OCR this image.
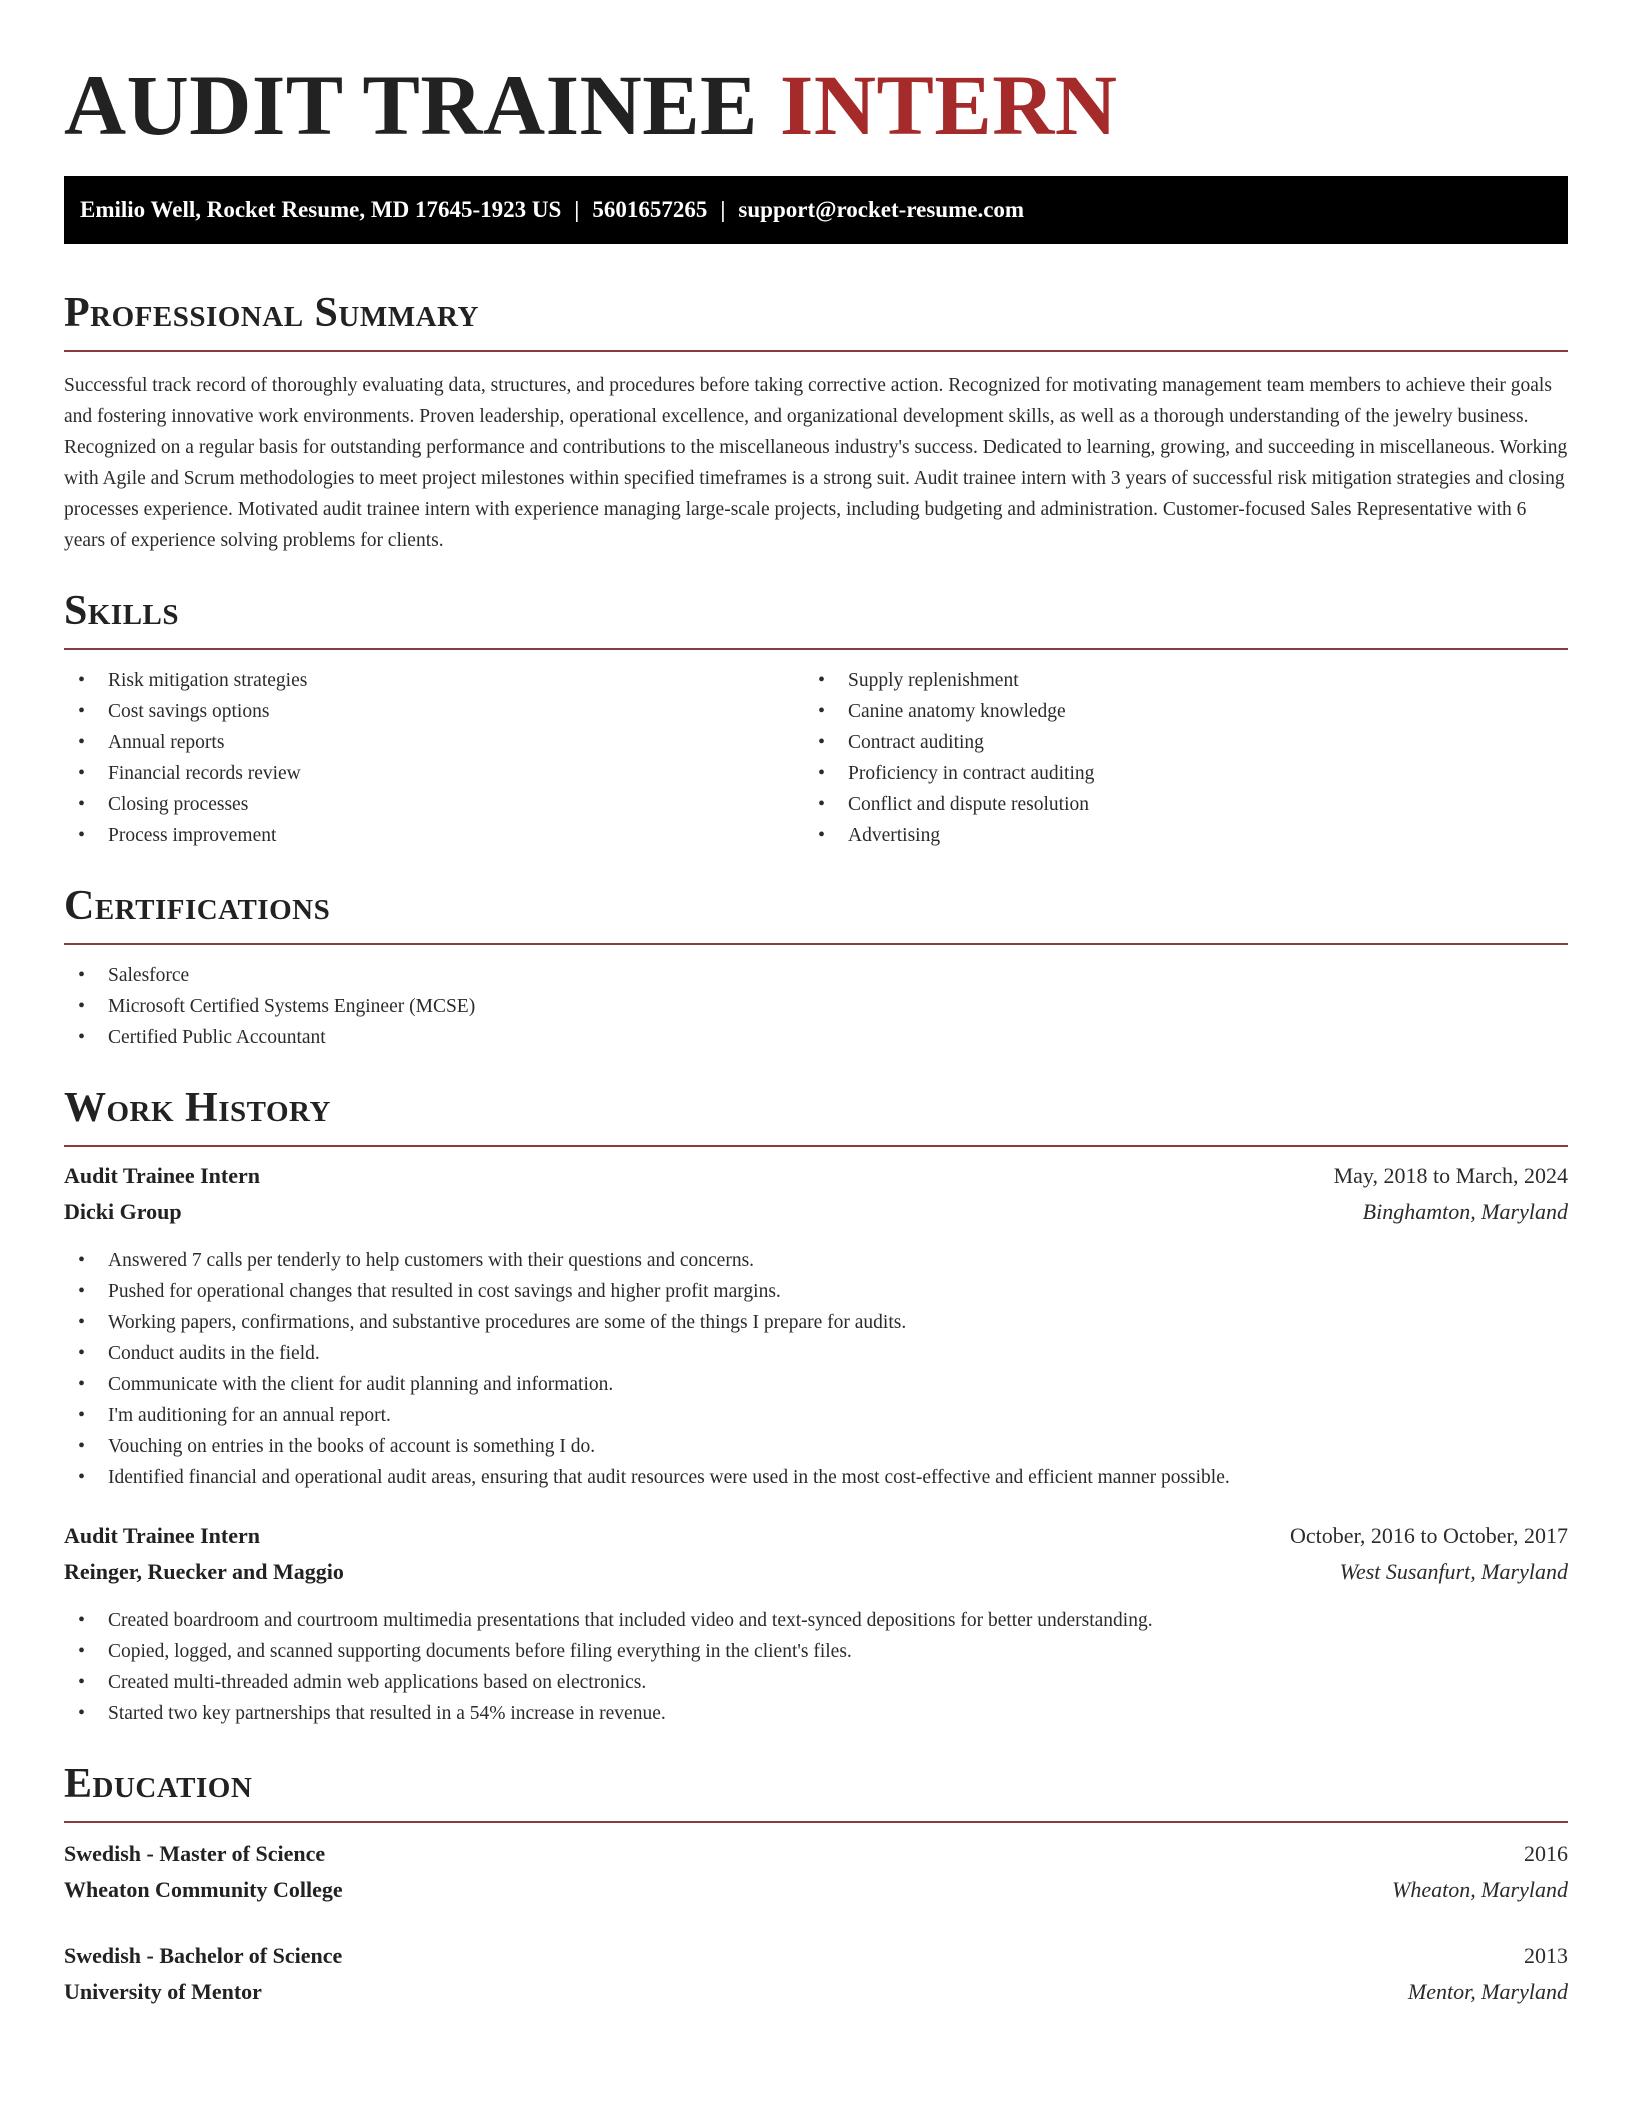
AUDIT TRAINEE INTERN
Emilio Well, Rocket Resume, MD 17645-1923 US | 5601657265 | support@rocket-resume.com
Professional Summary

Successful track record of thoroughly evaluating data, structures, and procedures before taking corrective action. Recognized for motivating management team members to achieve their goals and fostering innovative work environments. Proven leadership, operational excellence, and organizational development skills, as well as a thorough understanding of the jewelry business. Recognized on a regular basis for outstanding performance and contributions to the miscellaneous industry's success. Dedicated to learning, growing, and succeeding in miscellaneous. Working with Agile and Scrum methodologies to meet project milestones within specified timeframes is a strong suit. Audit trainee intern with 3 years of successful risk mitigation strategies and closing processes experience. Motivated audit trainee intern with experience managing large-scale projects, including budgeting and administration. Customer-focused Sales Representative with 6 years of experience solving problems for clients.

Skills
• Risk mitigation strategies
• Cost savings options
• Annual reports
• Financial records review
• Closing processes
• Process improvement
• Supply replenishment
• Canine anatomy knowledge
• Contract auditing
• Proficiency in contract auditing
• Conflict and dispute resolution
• Advertising
Certifications
• Salesforce
• Microsoft Certified Systems Engineer (MCSE)
• Certified Public Accountant
Work History
Audit Trainee Intern	May, 2018 to March, 2024
Dicki Group	Binghamton, Maryland
• Answered 7 calls per tenderly to help customers with their questions and concerns.
• Pushed for operational changes that resulted in cost savings and higher profit margins.
• Working papers, confirmations, and substantive procedures are some of the things I prepare for audits.
• Conduct audits in the field.
• Communicate with the client for audit planning and information.
• I'm auditioning for an annual report.
• Vouching on entries in the books of account is something I do.
• Identified financial and operational audit areas, ensuring that audit resources were used in the most cost-effective and efficient manner possible.
Audit Trainee Intern	October, 2016 to October, 2017
Reinger, Ruecker and Maggio	West Susanfurt, Maryland
• Created boardroom and courtroom multimedia presentations that included video and text-synced depositions for better understanding.
• Copied, logged, and scanned supporting documents before filing everything in the client's files.
• Created multi-threaded admin web applications based on electronics.
• Started two key partnerships that resulted in a 54% increase in revenue.
Education
Swedish - Master of Science	2016
Wheaton Community College	Wheaton, Maryland
Swedish - Bachelor of Science	2013
University of Mentor	Mentor, Maryland
